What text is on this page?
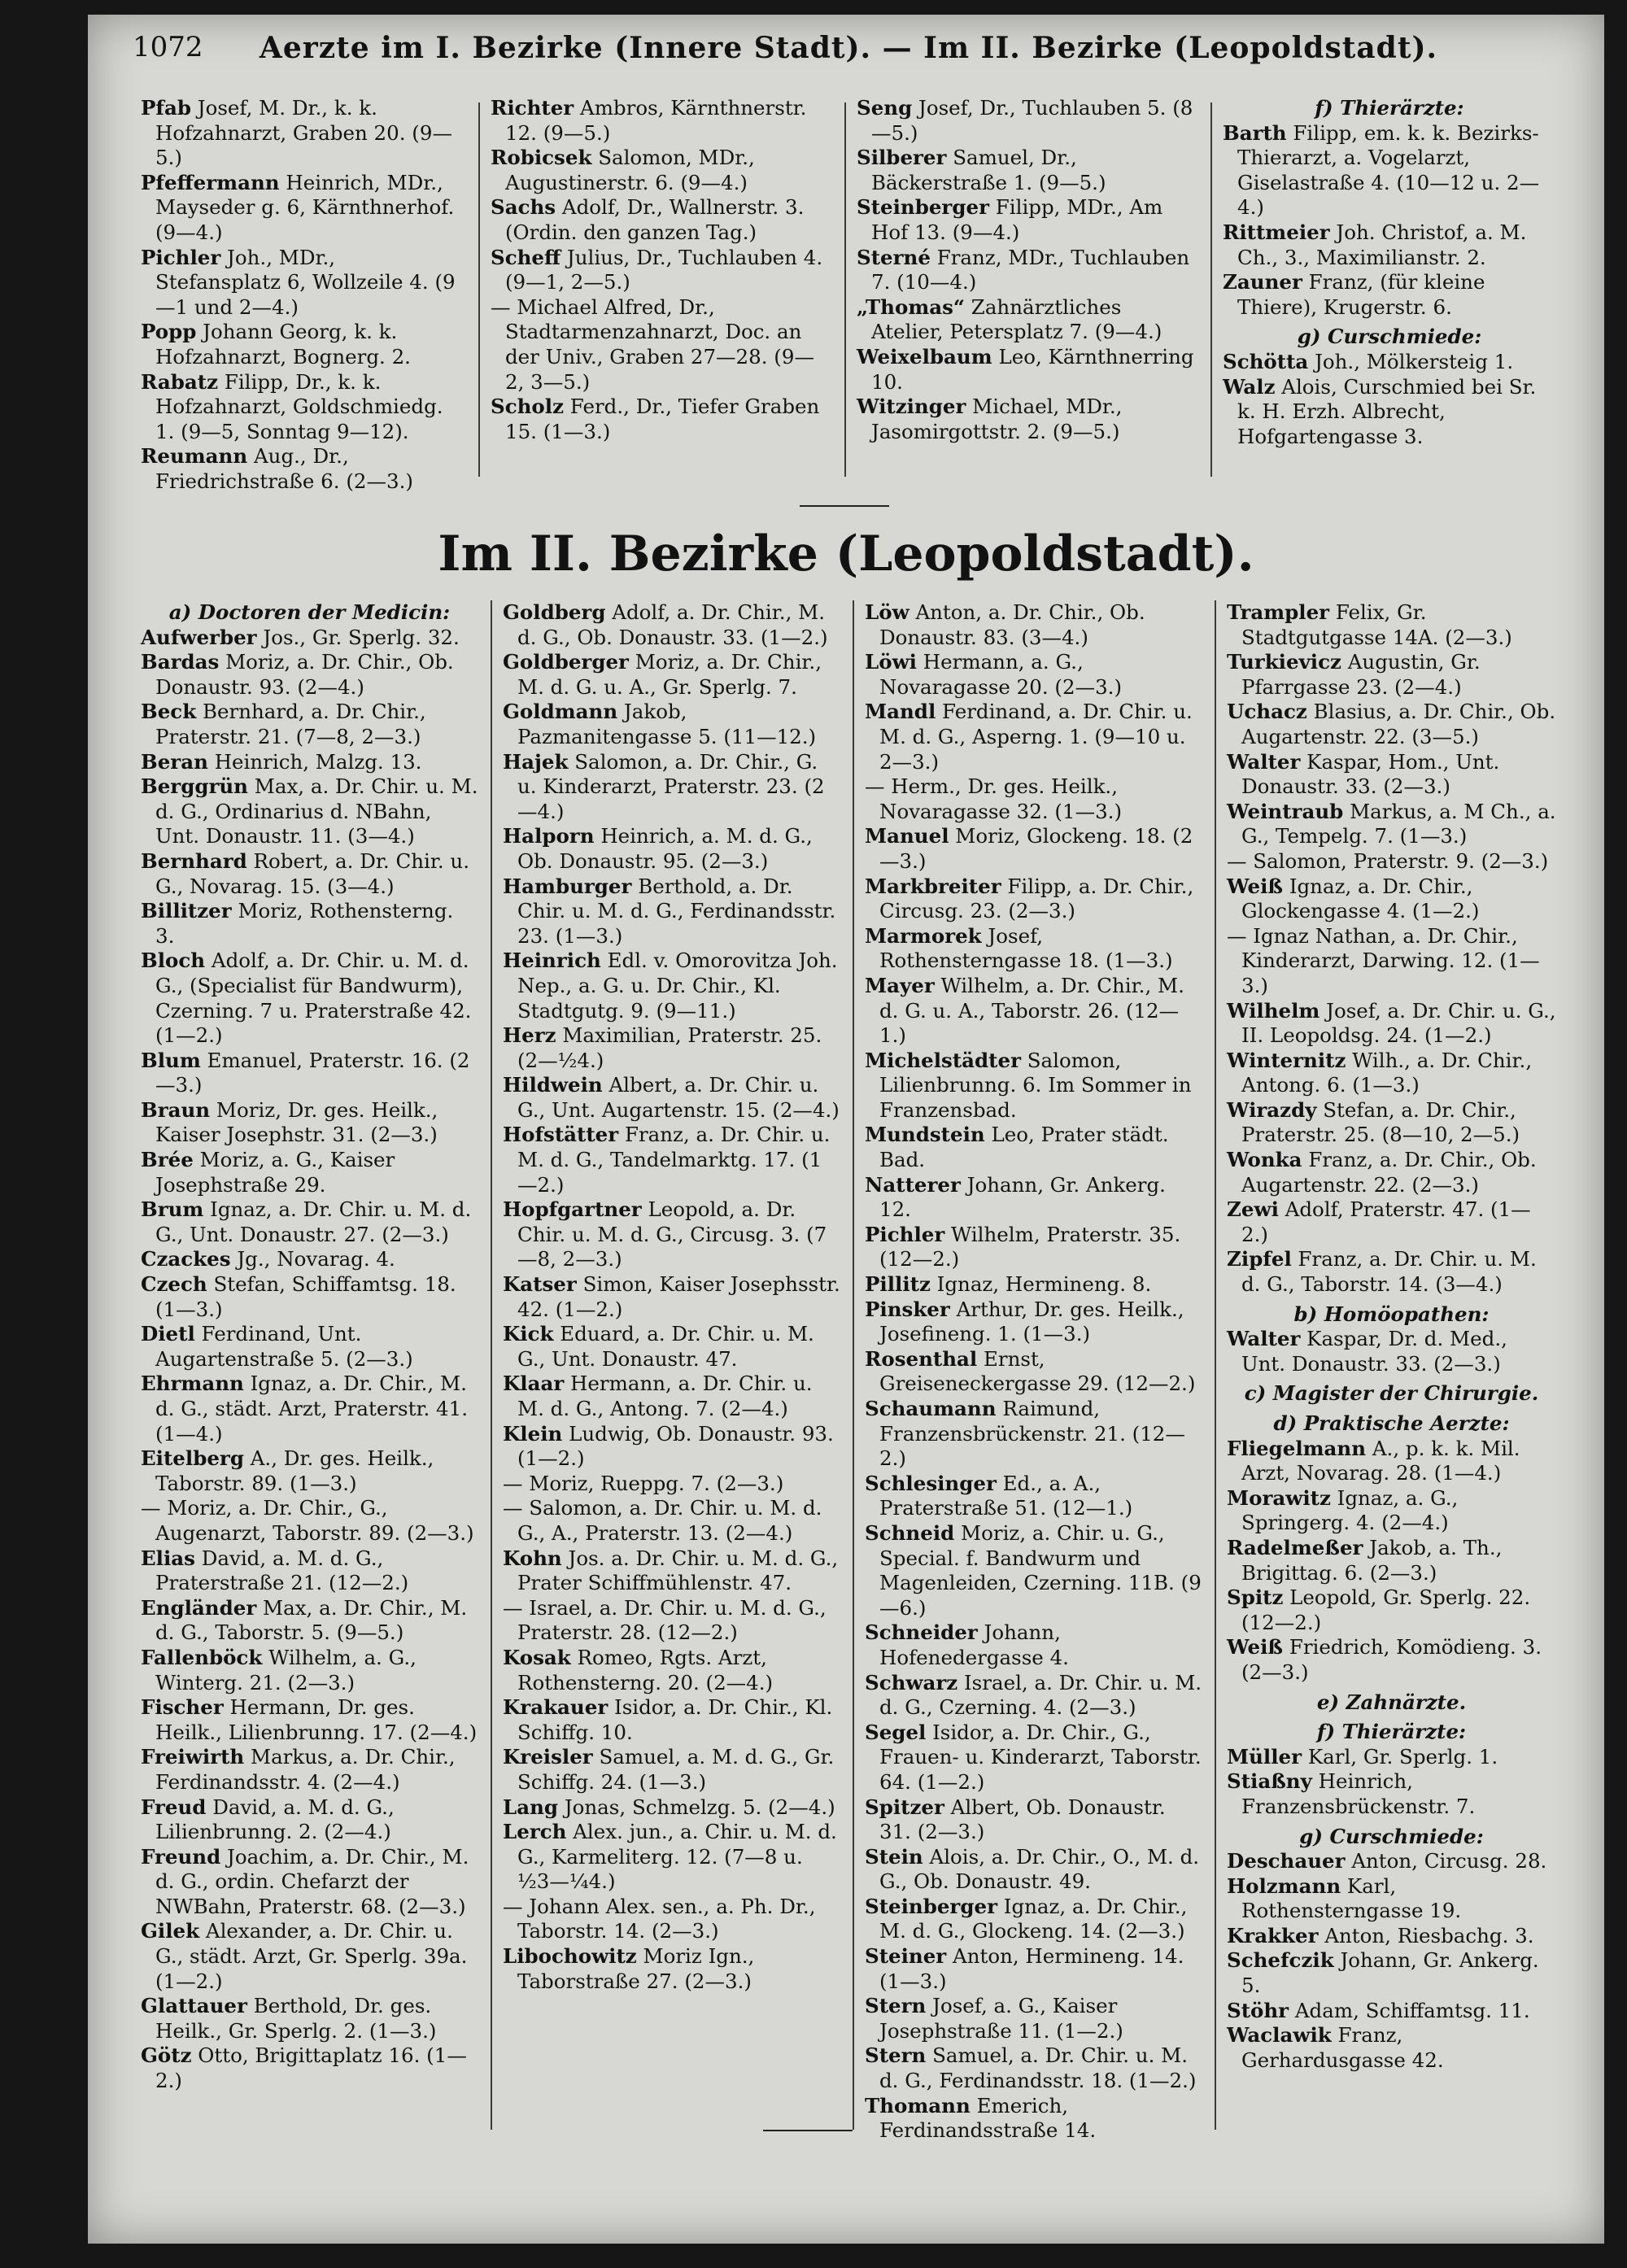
1072	Aerzte im I. Bezirke (Innere Stadt). — Im II. Bezirke (Leopoldstadt).

Pfab Josef, M. Dr., k. k. Hofzahnarzt, Graben 20. (9—5.)

Pfeffermann Heinrich, MDr., Mayseder g. 6, Kärnthnerhof. (9—4.)

Pichler Joh., MDr., Stefansplatz 6, Wollzeile 4. (9—1 und 2—4.)

Popp Johann Georg, k. k. Hofzahnarzt, Bognerg. 2.

Rabatz Filipp, Dr., k. k. Hofzahnarzt, Goldschmiedg. 1. (9—5, Sonntag 9—12).

Reumann Aug., Dr., Friedrichstraße 6. (2—3.)

Richter Ambros, Kärnthnerstr. 12. (9—5.)

Robicsek Salomon, MDr., Augustinerstr. 6. (9—4.)

Sachs Adolf, Dr., Wallnerstr. 3. (Ordin. den ganzen Tag.)

Scheff Julius, Dr., Tuchlauben 4. (9—1, 2—5.)

— Michael Alfred, Dr., Stadtarmenzahnarzt, Doc. an der Univ., Graben 27—28. (9—2, 3—5.)

Scholz Ferd., Dr., Tiefer Graben 15. (1—3.)

Seng Josef, Dr., Tuchlauben 5. (8—5.)

Silberer Samuel, Dr., Bäckerstraße 1. (9—5.)

Steinberger Filipp, MDr., Am Hof 13. (9—4.)

Sterné Franz, MDr., Tuchlauben 7. (10—4.)

„Thomas“ Zahnärztliches Atelier, Petersplatz 7. (9—4.)

Weixelbaum Leo, Kärnthnerring 10.

Witzinger Michael, MDr., Jasomirgottstr. 2. (9—5.)

f) Thierärzte:

Barth Filipp, em. k. k. Bezirks-Thierarzt, a. Vogelarzt, Giselastraße 4. (10—12 u. 2—4.)

Rittmeier Joh. Christof, a. M. Ch., 3., Maximilianstr. 2.

Zauner Franz, (für kleine Thiere), Krugerstr. 6.

g) Curschmiede:

Schötta Joh., Mölkersteig 1.

Walz Alois, Curschmied bei Sr. k. H. Erzh. Albrecht, Hofgartengasse 3.

Im II. Bezirke (Leopoldstadt).

a) Doctoren der Medicin:

Aufwerber Jos., Gr. Sperlg. 32.

Bardas Moriz, a. Dr. Chir., Ob. Donaustr. 93. (2—4.)

Beck Bernhard, a. Dr. Chir., Praterstr. 21. (7—8, 2—3.)

Beran Heinrich, Malzg. 13.

Berggrün Max, a. Dr. Chir. u. M. d. G., Ordinarius d. NBahn, Unt. Donaustr. 11. (3—4.)

Bernhard Robert, a. Dr. Chir. u. G., Novarag. 15. (3—4.)

Billitzer Moriz, Rothensterng. 3.

Bloch Adolf, a. Dr. Chir. u. M. d. G., (Specialist für Bandwurm), Czerning. 7 u. Praterstraße 42. (1—2.)

Blum Emanuel, Praterstr. 16. (2—3.)

Braun Moriz, Dr. ges. Heilk., Kaiser Josephstr. 31. (2—3.)

Brée Moriz, a. G., Kaiser Josephstraße 29.

Brum Ignaz, a. Dr. Chir. u. M. d. G., Unt. Donaustr. 27. (2—3.)

Czackes Jg., Novarag. 4.

Czech Stefan, Schiffamtsg. 18. (1—3.)

Dietl Ferdinand, Unt. Augartenstraße 5. (2—3.)

Ehrmann Ignaz, a. Dr. Chir., M. d. G., städt. Arzt, Praterstr. 41. (1—4.)

Eitelberg A., Dr. ges. Heilk., Taborstr. 89. (1—3.)

— Moriz, a. Dr. Chir., G., Augenarzt, Taborstr. 89. (2—3.)

Elias David, a. M. d. G., Praterstraße 21. (12—2.)

Engländer Max, a. Dr. Chir., M. d. G., Taborstr. 5. (9—5.)

Fallenböck Wilhelm, a. G., Winterg. 21. (2—3.)

Fischer Hermann, Dr. ges. Heilk., Lilienbrunng. 17. (2—4.)

Freiwirth Markus, a. Dr. Chir., Ferdinandsstr. 4. (2—4.)

Freud David, a. M. d. G., Lilienbrunng. 2. (2—4.)

Freund Joachim, a. Dr. Chir., M. d. G., ordin. Chefarzt der NWBahn, Praterstr. 68. (2—3.)

Gilek Alexander, a. Dr. Chir. u. G., städt. Arzt, Gr. Sperlg. 39a. (1—2.)

Glattauer Berthold, Dr. ges. Heilk., Gr. Sperlg. 2. (1—3.)

Götz Otto, Brigittaplatz 16. (1—2.)

Goldberg Adolf, a. Dr. Chir., M. d. G., Ob. Donaustr. 33. (1—2.)

Goldberger Moriz, a. Dr. Chir., M. d. G. u. A., Gr. Sperlg. 7.

Goldmann Jakob, Pazmanitengasse 5. (11—12.)

Hajek Salomon, a. Dr. Chir., G. u. Kinderarzt, Praterstr. 23. (2—4.)

Halporn Heinrich, a. M. d. G., Ob. Donaustr. 95. (2—3.)

Hamburger Berthold, a. Dr. Chir. u. M. d. G., Ferdinandsstr. 23. (1—3.)

Heinrich Edl. v. Omorovitza Joh. Nep., a. G. u. Dr. Chir., Kl. Stadtgutg. 9. (9—11.)

Herz Maximilian, Praterstr. 25. (2—½4.)

Hildwein Albert, a. Dr. Chir. u. G., Unt. Augartenstr. 15. (2—4.)

Hofstätter Franz, a. Dr. Chir. u. M. d. G., Tandelmarktg. 17. (1—2.)

Hopfgartner Leopold, a. Dr. Chir. u. M. d. G., Circusg. 3. (7—8, 2—3.)

Katser Simon, Kaiser Josephsstr. 42. (1—2.)

Kick Eduard, a. Dr. Chir. u. M. G., Unt. Donaustr. 47.

Klaar Hermann, a. Dr. Chir. u. M. d. G., Antong. 7. (2—4.)

Klein Ludwig, Ob. Donaustr. 93. (1—2.)

— Moriz, Rueppg. 7. (2—3.)

— Salomon, a. Dr. Chir. u. M. d. G., A., Praterstr. 13. (2—4.)

Kohn Jos. a. Dr. Chir. u. M. d. G., Prater Schiffmühlenstr. 47.

— Israel, a. Dr. Chir. u. M. d. G., Praterstr. 28. (12—2.)

Kosak Romeo, Rgts. Arzt, Rothensterng. 20. (2—4.)

Krakauer Isidor, a. Dr. Chir., Kl. Schiffg. 10.

Kreisler Samuel, a. M. d. G., Gr. Schiffg. 24. (1—3.)

Lang Jonas, Schmelzg. 5. (2—4.)

Lerch Alex. jun., a. Chir. u. M. d. G., Karmeliterg. 12. (7—8 u. ½3—¼4.)

— Johann Alex. sen., a. Ph. Dr., Taborstr. 14. (2—3.)

Libochowitz Moriz Ign., Taborstraße 27. (2—3.)

Löw Anton, a. Dr. Chir., Ob. Donaustr. 83. (3—4.)

Löwi Hermann, a. G., Novaragasse 20. (2—3.)

Mandl Ferdinand, a. Dr. Chir. u. M. d. G., Asperng. 1. (9—10 u. 2—3.)

— Herm., Dr. ges. Heilk., Novaragasse 32. (1—3.)

Manuel Moriz, Glockeng. 18. (2—3.)

Markbreiter Filipp, a. Dr. Chir., Circusg. 23. (2—3.)

Marmorek Josef, Rothensterngasse 18. (1—3.)

Mayer Wilhelm, a. Dr. Chir., M. d. G. u. A., Taborstr. 26. (12—1.)

Michelstädter Salomon, Lilienbrunng. 6. Im Sommer in Franzensbad.

Mundstein Leo, Prater städt. Bad.

Natterer Johann, Gr. Ankerg. 12.

Pichler Wilhelm, Praterstr. 35. (12—2.)

Pillitz Ignaz, Hermineng. 8.

Pinsker Arthur, Dr. ges. Heilk., Josefineng. 1. (1—3.)

Rosenthal Ernst, Greiseneckergasse 29. (12—2.)

Schaumann Raimund, Franzensbrückenstr. 21. (12—2.)

Schlesinger Ed., a. A., Praterstraße 51. (12—1.)

Schneid Moriz, a. Chir. u. G., Special. f. Bandwurm und Magenleiden, Czerning. 11B. (9—6.)

Schneider Johann, Hofenedergasse 4.

Schwarz Israel, a. Dr. Chir. u. M. d. G., Czerning. 4. (2—3.)

Segel Isidor, a. Dr. Chir., G., Frauen- u. Kinderarzt, Taborstr. 64. (1—2.)

Spitzer Albert, Ob. Donaustr. 31. (2—3.)

Stein Alois, a. Dr. Chir., O., M. d. G., Ob. Donaustr. 49.

Steinberger Ignaz, a. Dr. Chir., M. d. G., Glockeng. 14. (2—3.)

Steiner Anton, Hermineng. 14. (1—3.)

Stern Josef, a. G., Kaiser Josephstraße 11. (1—2.)

Stern Samuel, a. Dr. Chir. u. M. d. G., Ferdinandsstr. 18. (1—2.)

Thomann Emerich, Ferdinandsstraße 14.

Trampler Felix, Gr. Stadtgutgasse 14A. (2—3.)

Turkievicz Augustin, Gr. Pfarrgasse 23. (2—4.)

Uchacz Blasius, a. Dr. Chir., Ob. Augartenstr. 22. (3—5.)

Walter Kaspar, Hom., Unt. Donaustr. 33. (2—3.)

Weintraub Markus, a. M Ch., a. G., Tempelg. 7. (1—3.)

— Salomon, Praterstr. 9. (2—3.)

Weiß Ignaz, a. Dr. Chir., Glockengasse 4. (1—2.)

— Ignaz Nathan, a. Dr. Chir., Kinderarzt, Darwing. 12. (1—3.)

Wilhelm Josef, a. Dr. Chir. u. G., II. Leopoldsg. 24. (1—2.)

Winternitz Wilh., a. Dr. Chir., Antong. 6. (1—3.)

Wirazdy Stefan, a. Dr. Chir., Praterstr. 25. (8—10, 2—5.)

Wonka Franz, a. Dr. Chir., Ob. Augartenstr. 22. (2—3.)

Zewi Adolf, Praterstr. 47. (1—2.)

Zipfel Franz, a. Dr. Chir. u. M. d. G., Taborstr. 14. (3—4.)

b) Homöopathen:

Walter Kaspar, Dr. d. Med., Unt. Donaustr. 33. (2—3.)

c) Magister der Chirurgie.

d) Praktische Aerzte:

Fliegelmann A., p. k. k. Mil. Arzt, Novarag. 28. (1—4.)

Morawitz Ignaz, a. G., Springerg. 4. (2—4.)

Radelmeßer Jakob, a. Th., Brigittag. 6. (2—3.)

Spitz Leopold, Gr. Sperlg. 22. (12—2.)

Weiß Friedrich, Komödieng. 3. (2—3.)

e) Zahnärzte.

f) Thierärzte:

Müller Karl, Gr. Sperlg. 1.

Stiaßny Heinrich, Franzensbrückenstr. 7.

g) Curschmiede:

Deschauer Anton, Circusg. 28.

Holzmann Karl, Rothensterngasse 19.

Krakker Anton, Riesbachg. 3.

Schefczik Johann, Gr. Ankerg. 5.

Stöhr Adam, Schiffamtsg. 11.

Waclawik Franz, Gerhardusgasse 42.
